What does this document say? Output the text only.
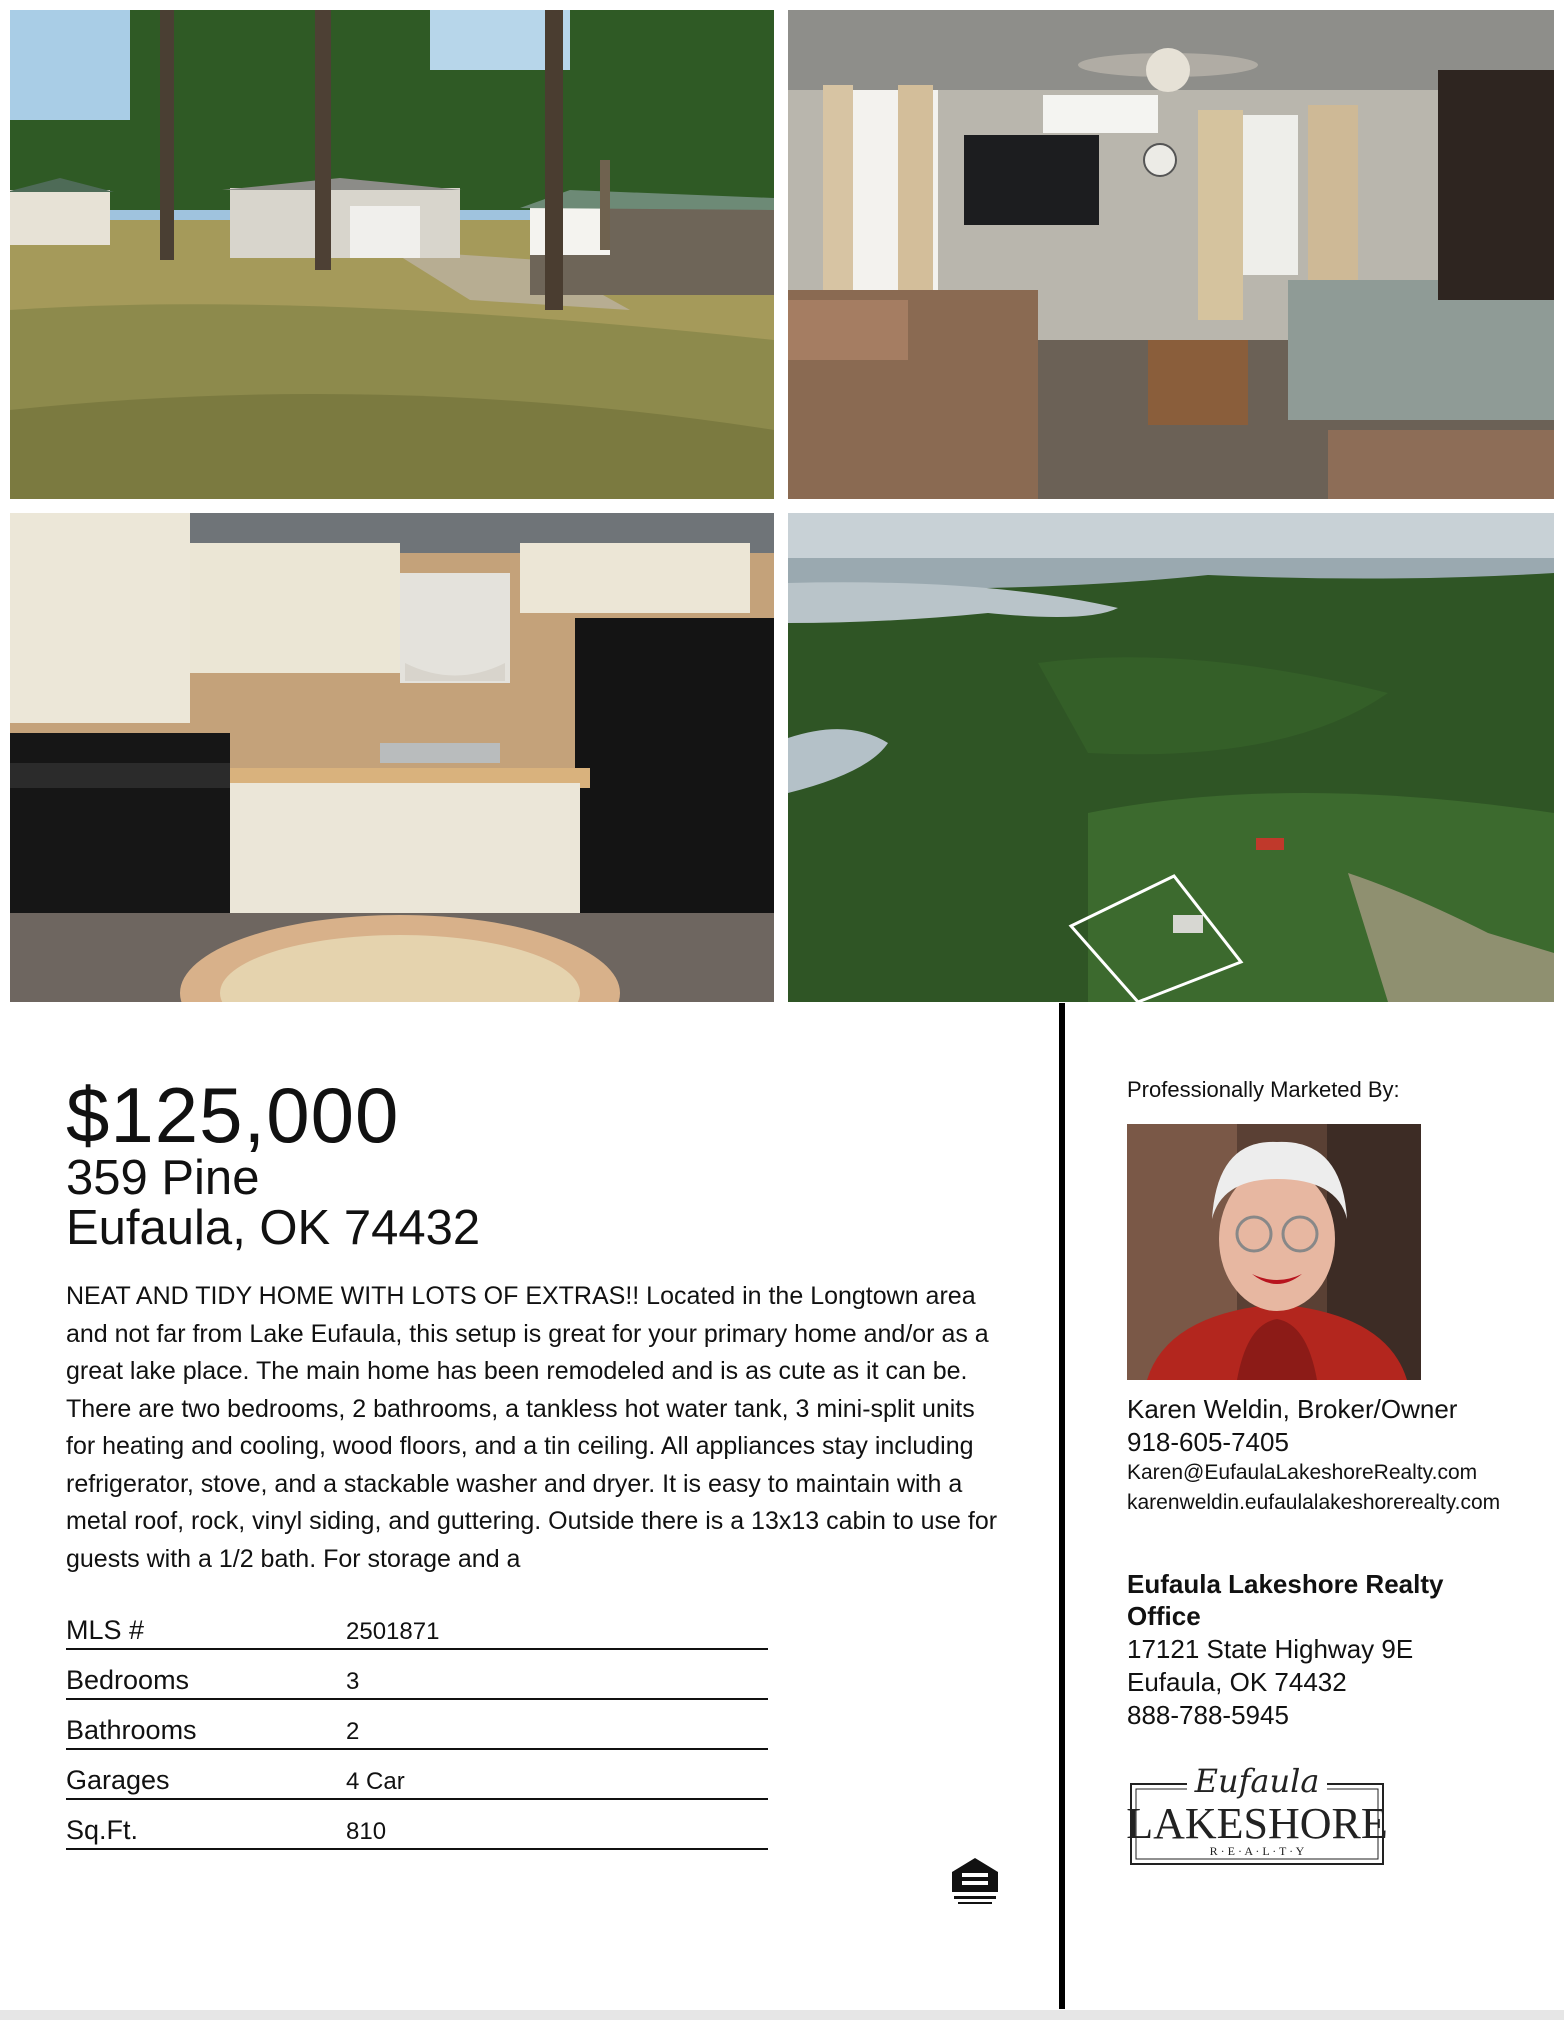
$125,000
359 Pine
Eufaula, OK 74432
NEAT AND TIDY HOME WITH LOTS OF EXTRAS!! Located in the Longtown area and not far from Lake Eufaula, this setup is great for your primary home and/or as a great lake place. The main home has been remodeled and is as cute as it can be. There are two bedrooms, 2 bathrooms, a tankless hot water tank, 3 mini-split units for heating and cooling, wood floors, and a tin ceiling. All appliances stay including refrigerator, stove, and a stackable washer and dryer. It is easy to maintain with a metal roof, rock, vinyl siding, and guttering. Outside there is a 13x13 cabin to use for guests with a 1/2 bath. For storage and a
MLS #	2501871
Bedrooms	3
Bathrooms	2
Garages	4 Car
Sq.Ft.	810
Professionally Marketed By:
Karen Weldin, Broker/Owner
918-605-7405
Karen@EufaulaLakeshoreRealty.com
karenweldin.eufaulalakeshorerealty.com
Eufaula Lakeshore Realty Office
17121 State Highway 9E
Eufaula, OK 74432
888-788-5945
Eufaula
LAKESHORE
R · E · A · L · T · Y
